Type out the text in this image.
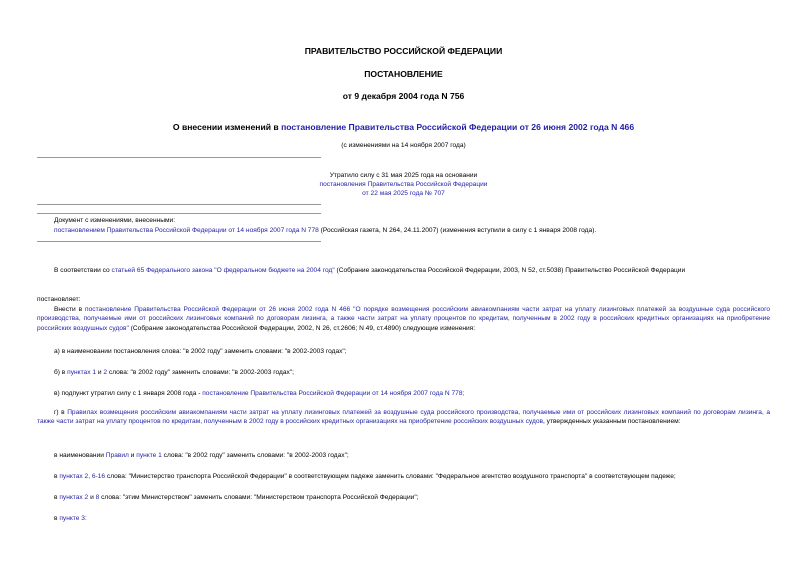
ПРАВИТЕЛЬСТВО РОССИЙСКОЙ ФЕДЕРАЦИИ
ПОСТАНОВЛЕНИЕ
от 9 декабря 2004 года N 756
О внесении изменений в постановление Правительства Российской Федерации от 26 июня 2002 года N 466
(с изменениями на 14 ноября 2007 года)
Утратило силу с 31 мая 2025 года на основании
постановления Правительства Российской Федерации
от 22 мая 2025 года № 707
Документ с изменениями, внесенными:
постановлением Правительства Российской Федерации от 14 ноября 2007 года N 778 (Российская газета, N 264, 24.11.2007) (изменения вступили в силу с 1 января 2008 года).
В соответствии со статьей 65 Федерального закона "О федеральном бюджете на 2004 год" (Собрание законодательства Российской Федерации, 2003, N 52, ст.5038) Правительство Российской Федерации
постановляет:
Внести в постановление Правительства Российской Федерации от 26 июня 2002 года N 466 "О порядке возмещения российским авиакомпаниям части затрат на уплату лизинговых платежей за воздушные суда российского производства, получаемые ими от российских лизинговых компаний по договорам лизинга, а также части затрат на уплату процентов по кредитам, полученным в 2002 году в российских кредитных организациях на приобретение российских воздушных судов" (Собрание законодательства Российской Федерации, 2002, N 26, ст.2606; N 49, ст.4890) следующие изменения:
а) в наименовании постановления слова: "в 2002 году" заменить словами: "в 2002-2003 годах";
б) в пунктах 1 и 2 слова: "в 2002 году" заменить словами: "в 2002-2003 годах";
в) подпункт утратил силу с 1 января 2008 года - постановление Правительства Российской Федерации от 14 ноября 2007 года N 778;
г) в Правилах возмещения российским авиакомпаниям части затрат на уплату лизинговых платежей за воздушные суда российского производства, получаемые ими от российских лизинговых компаний по договорам лизинга, а также части затрат на уплату процентов по кредитам, полученным в 2002 году в российских кредитных организациях на приобретение российских воздушных судов, утвержденных указанным постановлением:
в наименовании Правил и пункте 1 слова: "в 2002 году" заменить словами: "в 2002-2003 годах";
в пунктах 2, 6-16 слова: "Министерство транспорта Российской Федерации" в соответствующем падеже заменить словами: "Федеральное агентство воздушного транспорта" в соответствующем падеже;
в пунктах 2 и 8 слова: "этим Министерством" заменить словами: "Министерством транспорта Российской Федерации";
в пункте 3:
